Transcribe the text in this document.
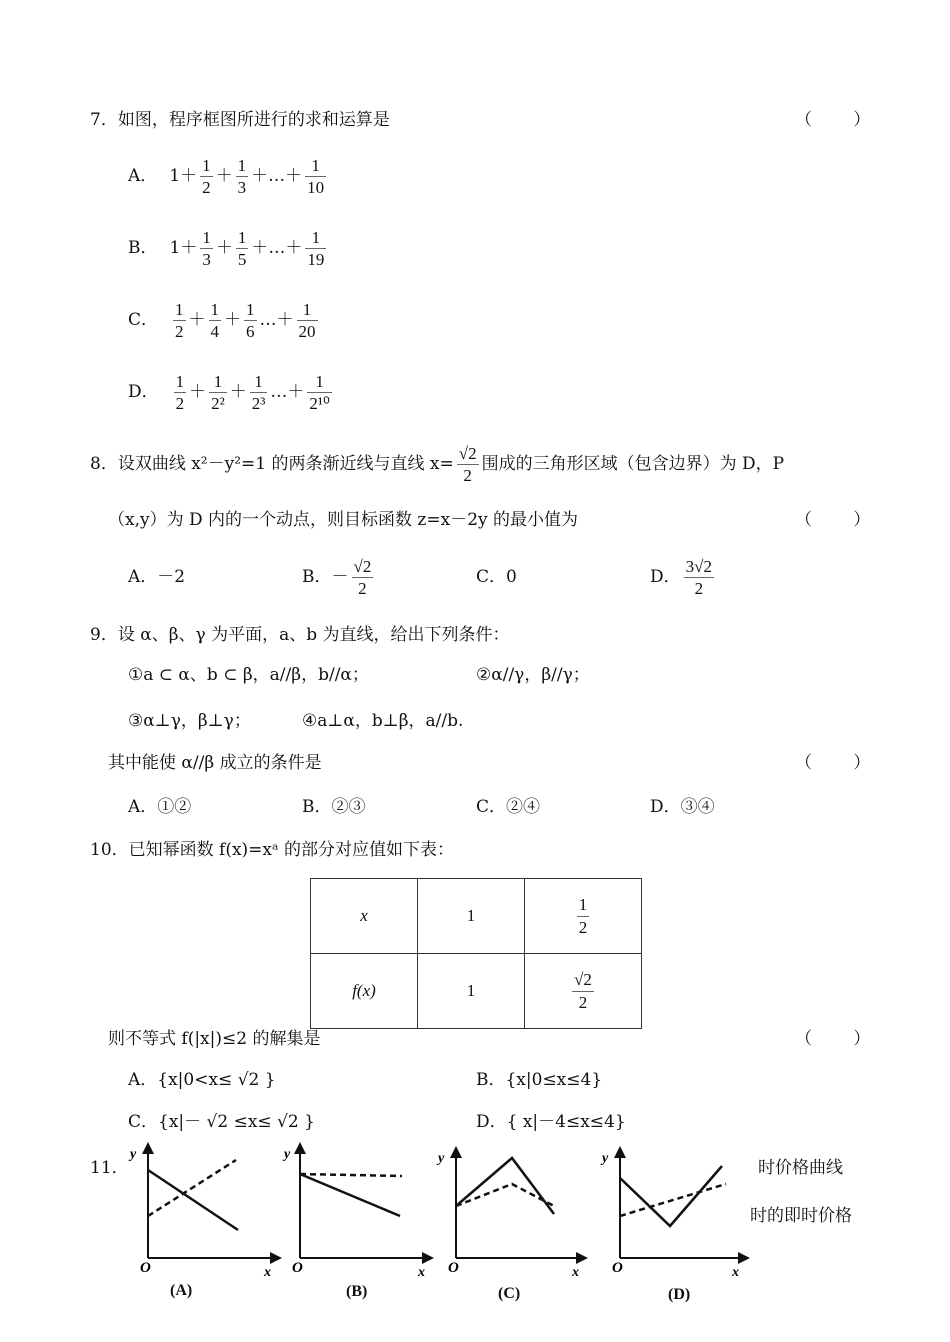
7．如图，程序框图所进行的求和运算是	（ ）
A． $1+ \frac{1}{2} + \frac{1}{3}$ ＋…＋ $\frac{1}{10}$
B． $1+ \frac{1}{3} + \frac{1}{5}$ ＋…＋ $\frac{1}{19}$
C． $\frac{1}{2} + \frac{1}{4} + \frac{1}{6}$ …＋ $\frac{1}{20}$
D． $\frac{1}{2} + \frac{1}{\text{2²}} + \frac{1}{\text{2³}}$ …＋ $\frac{1}{\text{2¹⁰}}$
8．设双曲线 x²－y²=1 的两条渐近线与直线 $x= \frac{√2}{2}$ 围成的三角形区域（包含边界）为 D，P
（x,y）为 D 内的一个动点，则目标函数 z=x－2y 的最小值为	（ ）
A．－2	B．－ $\frac{√2}{2}$	C．0	D． $\frac{3√2}{2}$
9．设 α、β、γ 为平面，a、b 为直线，给出下列条件：
①a ⊂ α、b ⊂ β，a//β，b//α；	②α//γ，β//γ；
③α⊥γ，β⊥γ；	④a⊥α，b⊥β，a//b.
其中能使 α//β 成立的条件是	（ ）
A．①②	B．②③	C．②④	D．③④
10．已知幂函数 f(x)=xᵃ 的部分对应值如下表：
x	1	$\frac{1}{2}$

f(x)	1	$\frac{√2}{2}$
则不等式 f(|x|)≤2 的解集是	（ ）
A．{x|0<x≤ √2 }	B．{x|0≤x≤4}
C．{x|－ √2 ≤x≤ √2 }	D．{ x|－4≤x≤4}
11．	时价格曲线
时的即时价格
y
x
O
y
x
O
y
x
O
y
x
O
(A)	(B)	(C)	(D)
